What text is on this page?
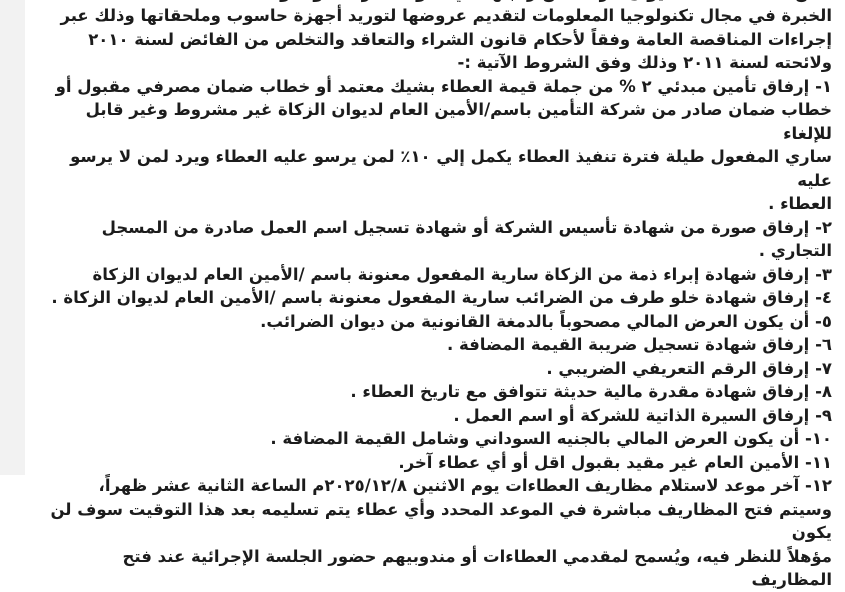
الخبرة في مجال تكنولوجيا المعلومات لتقديم عروضها لتوريد أجهزة حاسوب وملحقاتها وذلك عبر
إجراءات المناقصة العامة وفقاً لأحكام قانون الشراء والتعاقد والتخلص من الفائض لسنة ٢٠١٠
ولائحته لسنة ٢٠١١ وذلك وفق الشروط الآتية :-
١- إرفاق تأمين مبدئي ٢ % من جملة قيمة العطاء بشيك معتمد أو خطاب ضمان مصرفي مقبول أو
خطاب ضمان صادر من شركة التأمين باسم/الأمين العام لديوان الزكاة غير مشروط وغير قابل للإلغاء
ساري المفعول طيلة فترة تنفيذ العطاء يكمل إلي ١٠٪ لمن يرسو عليه العطاء ويرد لمن لا يرسو عليه
العطاء .
٢- إرفاق صورة من شهادة تأسيس الشركة أو شهادة تسجيل اسم العمل صادرة من المسجل التجاري .
٣- إرفاق شهادة إبراء ذمة من الزكاة سارية المفعول معنونة باسم /الأمين العام لديوان الزكاة
٤- إرفاق شهادة خلو طرف من الضرائب سارية المفعول معنونة باسم /الأمين العام لديوان الزكاة .
٥- أن يكون العرض المالي مصحوباً بالدمغة القانونية من ديوان الضرائب.
٦- إرفاق شهادة تسجيل ضريبة القيمة المضافة .
٧- إرفاق الرقم التعريفي الضريبي .
٨- إرفاق شهادة مقدرة مالية حديثة تتوافق مع تاريخ العطاء .
٩- إرفاق السيرة الذاتية للشركة أو اسم العمل .
١٠- أن يكون العرض المالي بالجنيه السوداني وشامل القيمة المضافة .
١١- الأمين العام غير مقيد بقبول اقل أو أي عطاء آخر.
١٢- آخر موعد لاستلام مظاريف العطاءات يوم الاثنين ٢٠٢٥/١٢/٨م الساعة الثانية عشر ظهراً،
وسيتم فتح المظاريف مباشرة في الموعد المحدد وأي عطاء يتم تسليمه بعد هذا التوقيت سوف لن يكون
مؤهلاً للنظر فيه، ويُسمح لمقدمي العطاءات أو مندوبيهم حضور الجلسة الإجرائية عند فتح المظاريف
